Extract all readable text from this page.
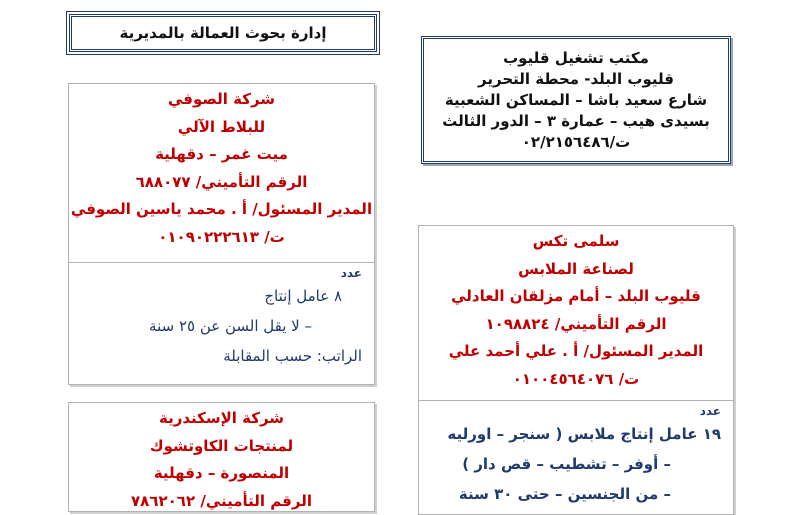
إدارة بحوث العمالة بالمديرية
مكتب تشغيل قليوب
قليوب البلد- محطة التحرير
شارع سعيد باشا – المساكن الشعبية
بسيدى هيب – عمارة ٣ – الدور الثالث
ت/٠٢/٢١٥٦٤٨٦
شركة الصوفي
للبلاط الآلي
ميت غمر – دقهلية
الرقم التأميني/ ٦٨٨٠٧٧
المدير المسئول/ أ . محمد ياسين الصوفي
ت/ ٠١٠٩٠٢٢٢٦١٣
عدد
٨ عامل إنتاج
– لا يقل السن عن ٢٥ سنة
الراتب: حسب المقابلة
سلمى تكس
لصناعة الملابس
قليوب البلد – أمام مزلقان العادلي
الرقم التأميني/ ١٠٩٨٨٢٤
المدير المسئول/ أ . علي أحمد علي
ت/ ٠١٠٠٤٥٦٤٠٧٦
عدد
١٩ عامل إنتاج ملابس ( سنجر – اورليه
– أوفر – تشطيب – قص دار )
– من الجنسين – حتى ٣٠ سنة
شركة الإسكندرية
لمنتجات الكاوتشوك
المنصورة – دقهلية
الرقم التأميني/ ٧٨٦٢٠٦٢
